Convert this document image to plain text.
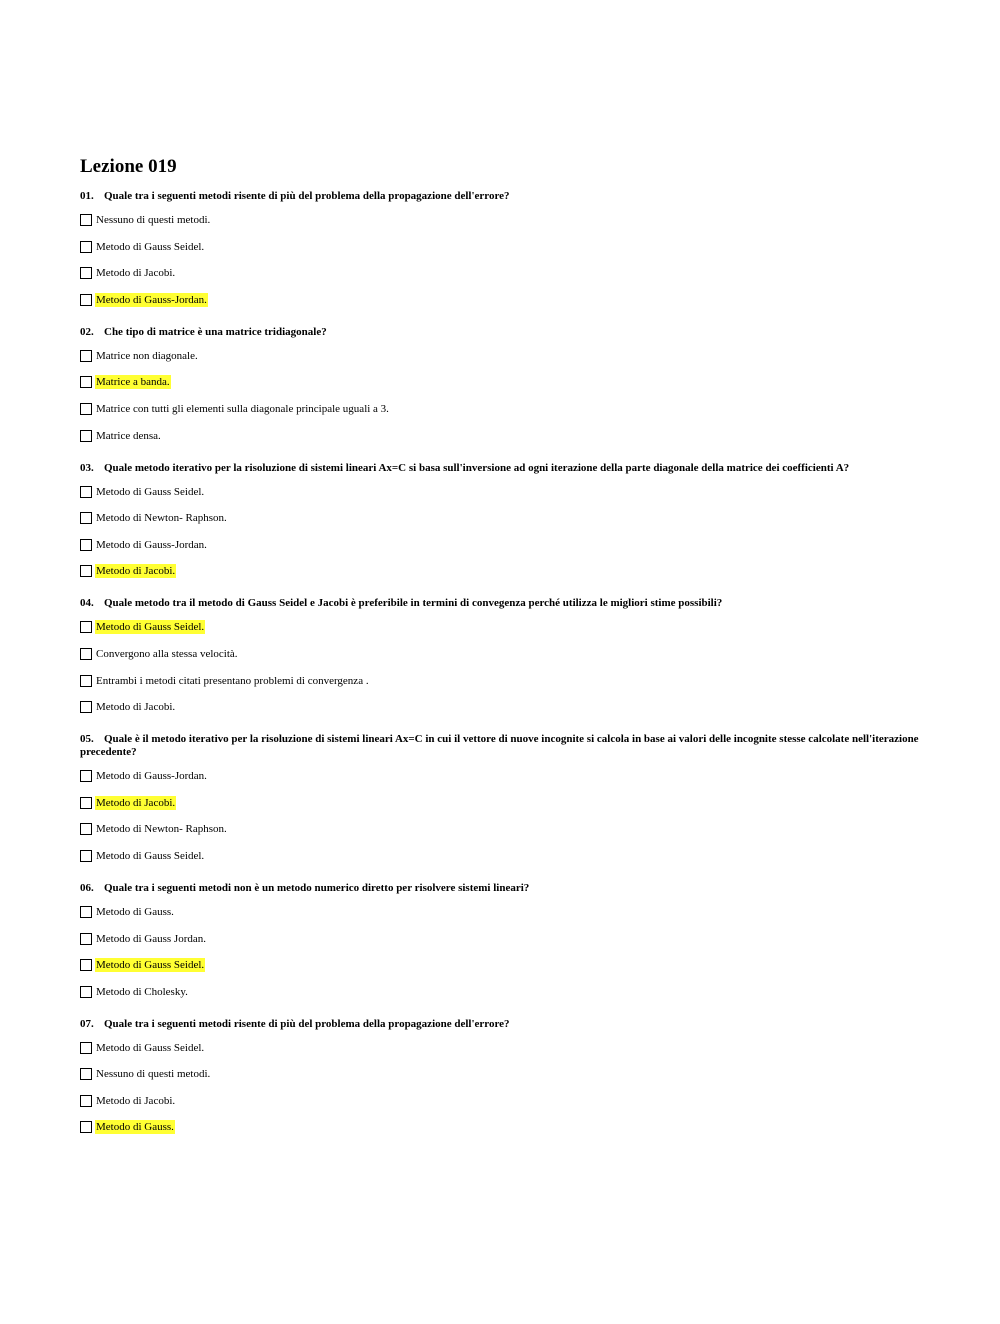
Lezione 019
01. Quale tra i seguenti metodi risente di più del problema della propagazione dell'errore?
Nessuno di questi metodi.
Metodo di Gauss Seidel.
Metodo di Jacobi.
Metodo di Gauss-Jordan.
02. Che tipo di matrice è una matrice tridiagonale?
Matrice non diagonale.
Matrice a banda.
Matrice con tutti gli elementi sulla diagonale principale uguali a 3.
Matrice densa.
03. Quale metodo iterativo per la risoluzione di sistemi lineari Ax=C si basa sull'inversione ad ogni iterazione della parte diagonale della matrice dei coefficienti A?
Metodo di Gauss Seidel.
Metodo di Newton- Raphson.
Metodo di Gauss-Jordan.
Metodo di Jacobi.
04. Quale metodo tra il metodo di Gauss Seidel e Jacobi è preferibile in termini di convegenza perché utilizza le migliori stime possibili?
Metodo di Gauss Seidel.
Convergono alla stessa velocità.
Entrambi i metodi citati presentano problemi di convergenza .
Metodo di Jacobi.
05. Quale è il metodo iterativo per la risoluzione di sistemi lineari Ax=C in cui il vettore di nuove incognite si calcola in base ai valori delle incognite stesse calcolate nell'iterazione precedente?
Metodo di Gauss-Jordan.
Metodo di Jacobi.
Metodo di Newton- Raphson.
Metodo di Gauss Seidel.
06. Quale tra i seguenti metodi non è un metodo numerico diretto per risolvere sistemi lineari?
Metodo di Gauss.
Metodo di Gauss Jordan.
Metodo di Gauss Seidel.
Metodo di Cholesky.
07. Quale tra i seguenti metodi risente di più del problema della propagazione dell'errore?
Metodo di Gauss Seidel.
Nessuno di questi metodi.
Metodo di Jacobi.
Metodo di Gauss.
